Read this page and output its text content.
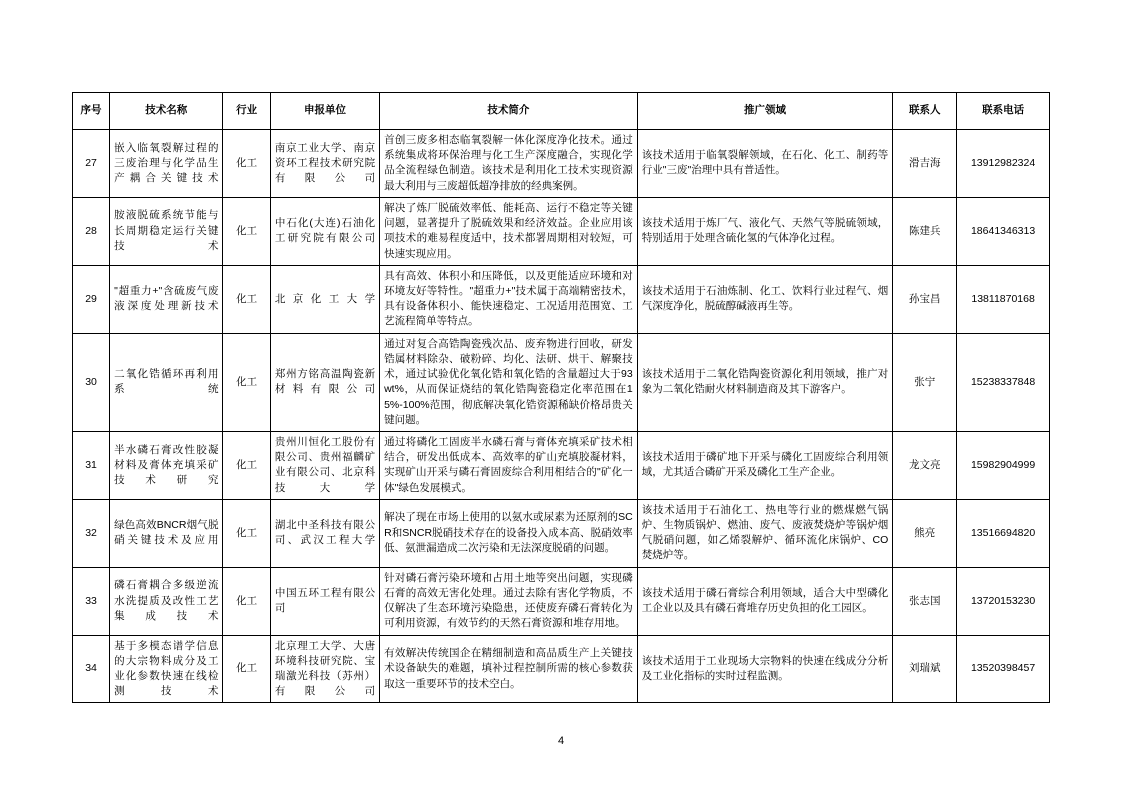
序号	技术名称	行业	申报单位	技术简介	推广领域	联系人	联系电话
27	嵌入临氧裂解过程的三废治理与化学品生产耦合关键技术	化工	南京工业大学、南京资环工程技术研究院有限公司	首创三废多相态临氧裂解一体化深度净化技术。通过系统集成将环保治理与化工生产深度融合，实现化学品全流程绿色制造。该技术是利用化工技术实现资源最大利用与三废超低超净排放的经典案例。	该技术适用于临氧裂解领域，在石化、化工、制药等行业"三废"治理中具有普适性。	滑吉海	13912982324
28	胺液脱硫系统节能与长周期稳定运行关键技术	化工	中石化(大连)石油化工研究院有限公司	解决了炼厂脱硫效率低、能耗高、运行不稳定等关键问题，显著提升了脱硫效果和经济效益。企业应用该项技术的难易程度适中，技术都署周期相对较短，可快速实现应用。	该技术适用于炼厂气、液化气、天然气等脱硫领域，特别适用于处理含硫化氢的气体净化过程。	陈建兵	18641346313
29	"超重力+"含硫废气废液深度处理新技术	化工	北京化工大学	具有高效、体积小和压降低，以及更能适应环境和对环境友好等特性。"超重力+"技术属于高端精密技术，具有设备体积小、能快速稳定、工况适用范围宽、工艺流程简单等特点。	该技术适用于石油炼制、化工、饮料行业过程气、烟气深度净化，脱硫醇碱液再生等。	孙宝昌	13811870168
30	二氧化锆循环再利用系统	化工	郑州方铭高温陶瓷新材料有限公司	通过对复合高锆陶瓷残次品、废弃物进行回收，研发锆属材料除杂、破粉碎、均化、法研、烘干、解聚技术，通过试验优化氧化锆和氧化锆的含量超过大于93wt%，从而保证烧结的氧化锆陶瓷稳定化率范围在15%-100%范围，彻底解决氧化锆资源稀缺价格昂贵关键问题。	该技术适用于二氧化锆陶瓷资源化利用领域，推广对象为二氧化锆耐火材料制造商及其下游客户。	张宁	15238337848
31	半水磷石膏改性胶凝材料及膏体充填采矿技术研究	化工	贵州川恒化工股份有限公司、贵州福麟矿业有限公司、北京科技大学	通过将磷化工固废半水磷石膏与膏体充填采矿技术相结合，研发出低成本、高效率的矿山充填胶凝材料，实现矿山开采与磷石膏固废综合利用相结合的"矿化一体"绿色发展模式。	该技术适用于磷矿地下开采与磷化工固废综合利用领域，尤其适合磷矿开采及磷化工生产企业。	龙文亮	15982904999
32	绿色高效BNCR烟气脱硝关键技术及应用	化工	湖北中圣科技有限公司、武汉工程大学	解决了现在市场上使用的以氨水或尿素为还原剂的SCR和SNCR脱硝技术存在的设备投入成本高、脱硝效率低、氨泄漏造成二次污染和无法深度脱硝的问题。	该技术适用于石油化工、热电等行业的燃煤燃气锅炉、生物质锅炉、燃油、废气、废液焚烧炉等锅炉烟气脱硝问题，如乙烯裂解炉、循环流化床锅炉、CO焚烧炉等。	熊亮	13516694820
33	磷石膏耦合多级逆流水洗提质及改性工艺集成技术	化工	中国五环工程有限公司	针对磷石膏污染环境和占用土地等突出问题，实现磷石膏的高效无害化处理。通过去除有害化学物质，不仅解决了生态环境污染隐患，还使废弃磷石膏转化为可利用资源，有效节约的天然石膏资源和堆存用地。	该技术适用于磷石膏综合利用领域，适合大中型磷化工企业以及具有磷石膏堆存历史负担的化工园区。	张志国	13720153230
34	基于多模态谱学信息的大宗物料成分及工业化参数快速在线检测技术	化工	北京理工大学、大唐环境科技研究院、宝瑞激光科技（苏州）有限公司	有效解决传统国企在精细制造和高品质生产上关键技术设备缺失的难题，填补过程控制所需的核心参数获取这一重要环节的技术空白。	该技术适用于工业现场大宗物料的快速在线成分分析及工业化指标的实时过程监测。	刘瑞斌	13520398457
4
